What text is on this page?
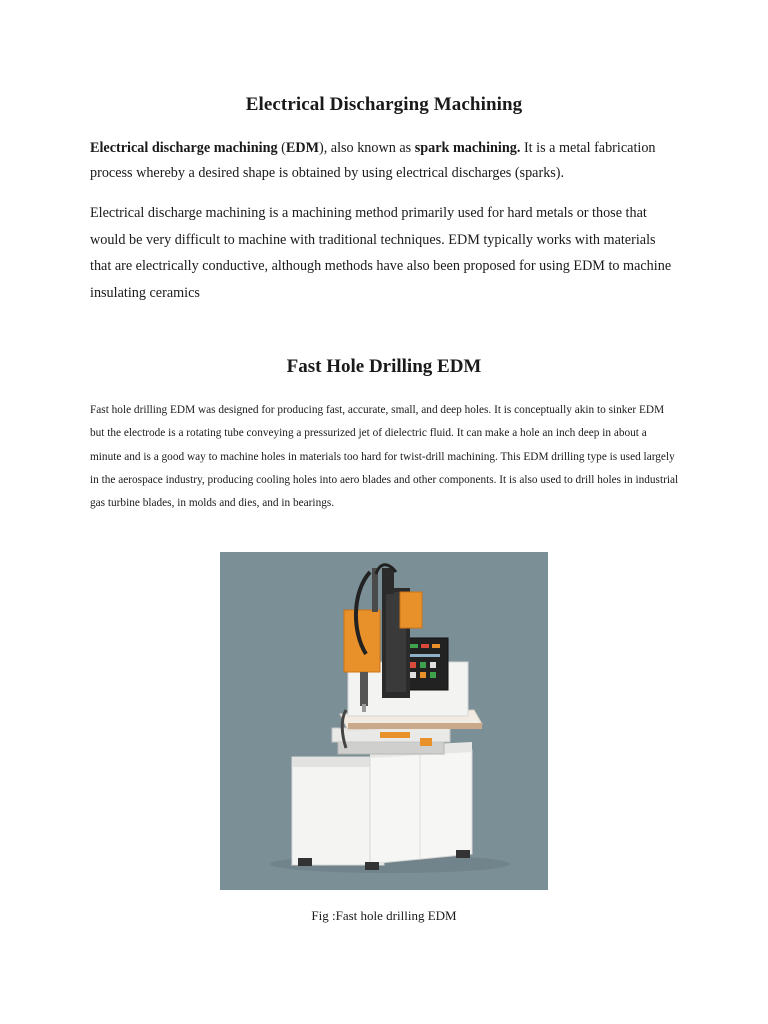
Electrical Discharging Machining

Electrical discharge machining (EDM), also known as spark machining. It is a metal fabrication process whereby a desired shape is obtained by using electrical discharges (sparks).

Electrical discharge machining is a machining method primarily used for hard metals or those that would be very difficult to machine with traditional techniques. EDM typically works with materials that are electrically conductive, although methods have also been proposed for using EDM to machine insulating ceramics

Fast Hole Drilling EDM

Fast hole drilling EDM was designed for producing fast, accurate, small, and deep holes. It is conceptually akin to sinker EDM but the electrode is a rotating tube conveying a pressurized jet of dielectric fluid. It can make a hole an inch deep in about a minute and is a good way to machine holes in materials too hard for twist-drill machining. This EDM drilling type is used largely in the aerospace industry, producing cooling holes into aero blades and other components. It is also used to drill holes in industrial gas turbine blades, in molds and dies, and in bearings.

Fig :Fast hole drilling EDM
